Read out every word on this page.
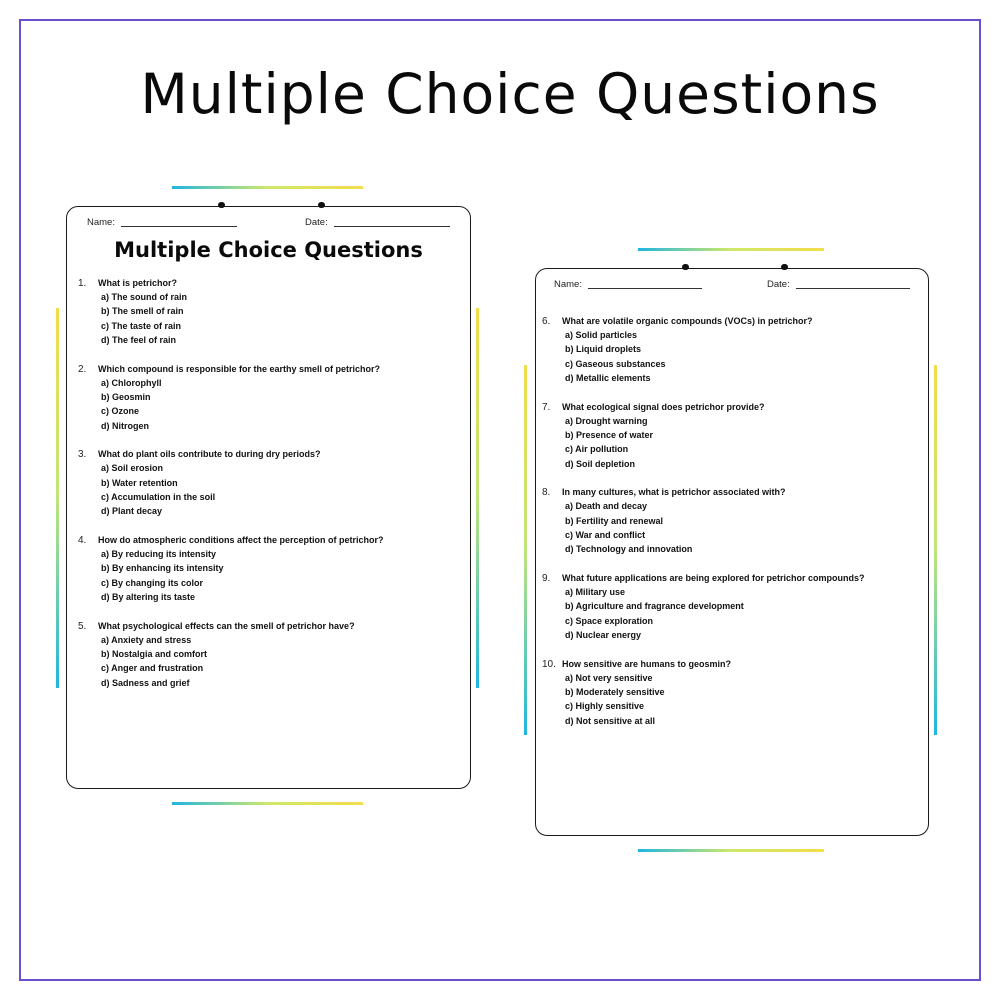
Multiple Choice Questions
Name:	Date:
Multiple Choice Questions
1. What is petrichor?
a) The sound of rain
b) The smell of rain
c) The taste of rain
d) The feel of rain
2. Which compound is responsible for the earthy smell of petrichor?
a) Chlorophyll
b) Geosmin
c) Ozone
d) Nitrogen
3. What do plant oils contribute to during dry periods?
a) Soil erosion
b) Water retention
c) Accumulation in the soil
d) Plant decay
4. How do atmospheric conditions affect the perception of petrichor?
a) By reducing its intensity
b) By enhancing its intensity
c) By changing its color
d) By altering its taste
5. What psychological effects can the smell of petrichor have?
a) Anxiety and stress
b) Nostalgia and comfort
c) Anger and frustration
d) Sadness and grief
Name:	Date:
6. What are volatile organic compounds (VOCs) in petrichor?
a) Solid particles
b) Liquid droplets
c) Gaseous substances
d) Metallic elements
7. What ecological signal does petrichor provide?
a) Drought warning
b) Presence of water
c) Air pollution
d) Soil depletion
8. In many cultures, what is petrichor associated with?
a) Death and decay
b) Fertility and renewal
c) War and conflict
d) Technology and innovation
9. What future applications are being explored for petrichor compounds?
a) Military use
b) Agriculture and fragrance development
c) Space exploration
d) Nuclear energy
10. How sensitive are humans to geosmin?
a) Not very sensitive
b) Moderately sensitive
c) Highly sensitive
d) Not sensitive at all
